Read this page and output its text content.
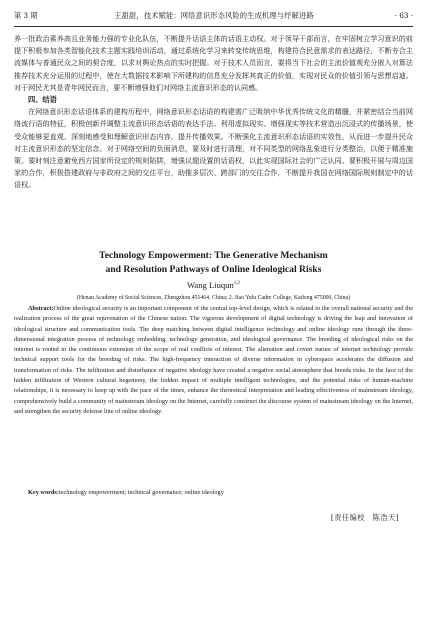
第 3 期	王甜甜，技术赋能：网络意识形态风险的生成机理与纾解进路	· 63 ·

养一批政治素养高且业务能力强的专业化队伍，不断提升话语主体的话语主动权。对于领导干部而言，在牢固树立学习意识的前提下积极参加各类智能化技术主题实践培训活动，通过系统化学习来转变传统思维，构建符合民意需求的表达路径，不断夯合主流媒体与普通民众之间的契合度，以求对舆论热点的实时把握。对于技术人员而言，要将当下社会的主流价值观充分嵌入对算法推荐技术充分运用的过程中，使在大数据技术影响下所建构的信息充分发挥其真正的价值，实现对民众的价值引领与思想启迪。对于网民尤其是青年网民而言，要不断增强他们对网络主流意识形态的认同感。

四、结语

在网络意识形态话语体系的建构历程中，网络意识形态话语的构建需广泛吸纳中华优秀传统文化的精髓，并紧密结合当前网络流行语的特征，积极创新并调整主流意识形态话语的表达手法。利用虚拟现实、增强现实等技术营造出沉浸式的传播场景，使受众能够更直观、深刻地感受和理解意识形态内容，提升传播效果。不断强化主流意识形态话语的实效性，从而进一步提升民众对主流意识形态的坚定信念。对于网络空间的负面消息，要及时进行清理，对不同类型的网络乱象进行分类整治，以便于精准施策。要时刻注意避免西方国家所设定的规则陷阱，增强议题设置的话语权，以此实现国际社会的广泛认同。要积极开展与周边国家的合作，积极搭建政府与非政府之间的交往平台，助推多层次、跨部门的交往合作，不断提升我国在网络国际规则制定中的话语权。

Technology Empowerment: The Generative Mechanism
and Resolution Pathways of Online Ideological Risks
Wang Liuqun$^{1,2}$
(Henan Academy of Social Sciences, Zhengzhou 451464, China; 2. Jiao Yulu Cadre College, Kaifeng 475000, China)
Abstract:Online ideological security is an important component of the central top-level design, which is related to the overall national security and the realization process of the great rejuvenation of the Chinese nation. The vigorous development of digital technology is driving the leap and innovation of ideological structure and communication tools. The deep matching between digital intelligence technology and online ideology runs through the three-dimensional integration process of technology embedding, technology generation, and ideological governance. The breeding of ideological risks on the internet is rooted in the continuous extension of the scope of real conflicts of interest. The alienation and covert nature of internet technology provide technical support tools for the breeding of risks. The high-frequency interaction of diverse information in cyberspace accelerates the diffusion and transformation of risks. The infiltration and disturbance of negative ideology have created a negative social atmosphere that breeds risks. In the face of the hidden infiltration of Western cultural hegemony, the hidden impact of multiple intelligent technologies, and the potential risks of human-machine relationships, it is necessary to keep up with the pace of the times, enhance the theoretical interpretation and leading effectiveness of mainstream ideology, comprehensively build a community of mainstream ideology on the Internet, carefully construct the discourse system of mainstream ideology on the Internet, and strengthen the security defense line of online ideology.
Key words:technology empowerment; technical governance; online ideology
[责任编校　陈浩天]
